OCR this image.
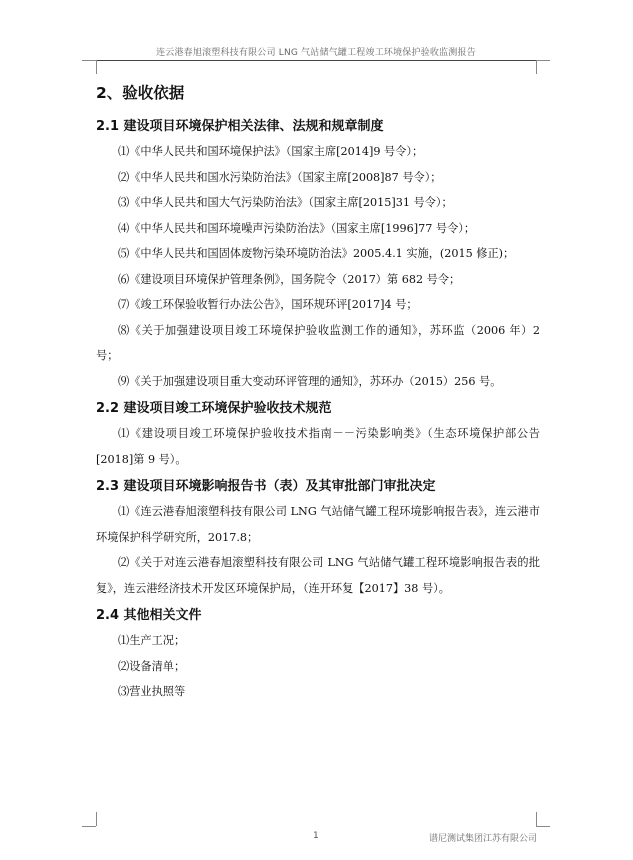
连云港春旭滚塑科技有限公司 LNG 气站储气罐工程竣工环境保护验收监测报告
2、验收依据
2.1 建设项目环境保护相关法律、法规和规章制度

⑴《中华人民共和国环境保护法》（国家主席[2014]9 号令）；

⑵《中华人民共和国水污染防治法》（国家主席[2008]87 号令）；

⑶《中华人民共和国大气污染防治法》（国家主席[2015]31 号令）；

⑷《中华人民共和国环境噪声污染防治法》（国家主席[1996]77 号令）；

⑸《中华人民共和国固体废物污染环境防治法》2005.4.1 实施，(2015 修正)；

⑹《建设项目环境保护管理条例》，国务院令（2017）第 682 号令；

⑺《竣工环保验收暂行办法公告》，国环规环评[2017]4 号；

⑻《关于加强建设项目竣工环境保护验收监测工作的通知》，苏环监（2006 年）2 号；

⑼《关于加强建设项目重大变动环评管理的通知》，苏环办（2015）256 号。

2.2 建设项目竣工环境保护验收技术规范

⑴《建设项目竣工环境保护验收技术指南－－污染影响类》（生态环境保护部公告[2018]第 9 号）。

2.3 建设项目环境影响报告书（表）及其审批部门审批决定

⑴《连云港春旭滚塑科技有限公司 LNG 气站储气罐工程环境影响报告表》，连云港市环境保护科学研究所，2017.8；

⑵《关于对连云港春旭滚塑科技有限公司 LNG 气站储气罐工程环境影响报告表的批复》，连云港经济技术开发区环境保护局，（连开环复【2017】38 号）。

2.4 其他相关文件

⑴生产工况；

⑵设备清单；

⑶营业执照等

1	谱尼测试集团江苏有限公司
